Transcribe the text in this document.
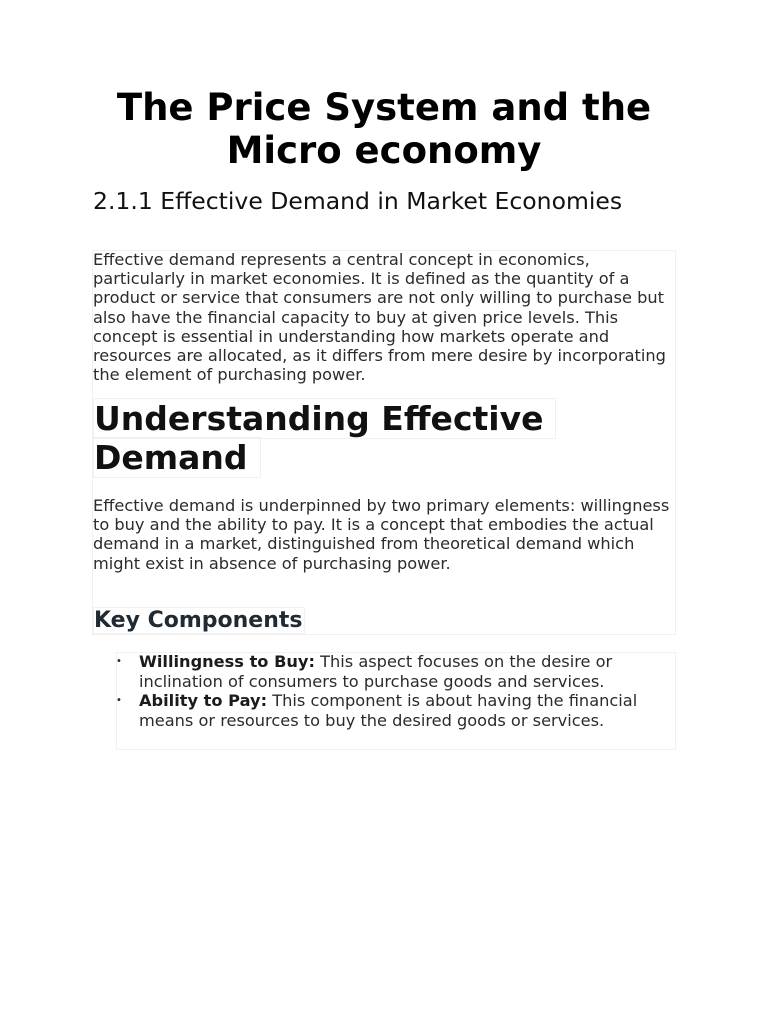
The Price System and the Micro economy
2.1.1 Effective Demand in Market Economies

Effective demand represents a central concept in economics, particularly in market economies. It is defined as the quantity of a product or service that consumers are not only willing to purchase but also have the financial capacity to buy at given price levels. This concept is essential in understanding how markets operate and resources are allocated, as it differs from mere desire by incorporating the element of purchasing power.

Understanding Effective
Demand

Effective demand is underpinned by two primary elements: willingness to buy and the ability to pay. It is a concept that embodies the actual demand in a market, distinguished from theoretical demand which might exist in absence of purchasing power.

Key Components
• Willingness to Buy: This aspect focuses on the desire or inclination of consumers to purchase goods and services.
• Ability to Pay: This component is about having the financial means or resources to buy the desired goods or services.
